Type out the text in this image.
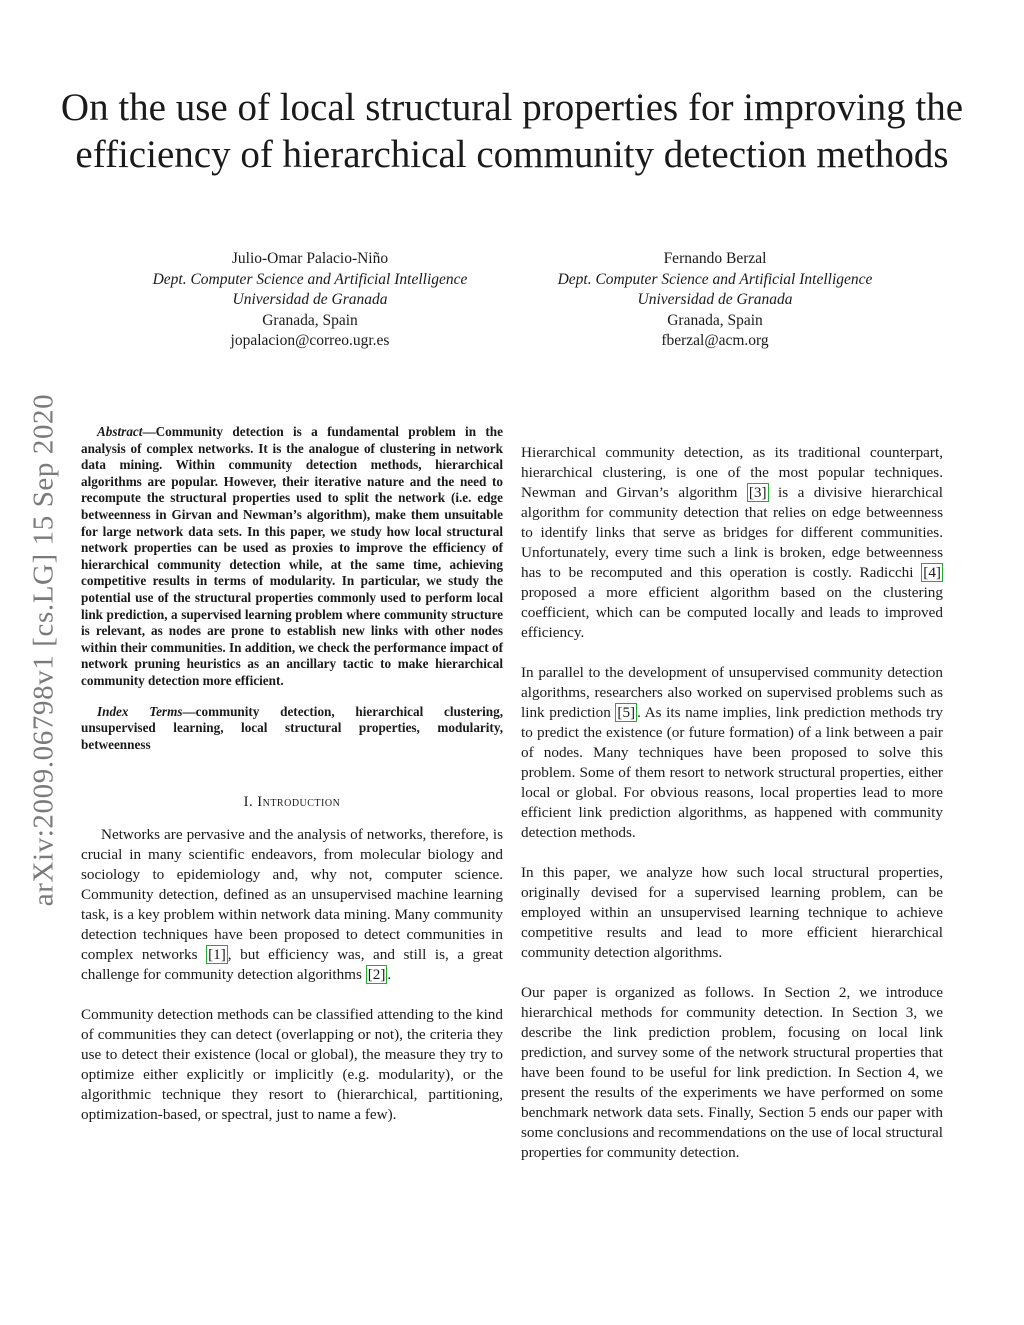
arXiv:2009.06798v1 [cs.LG] 15 Sep 2020
On the use of local structural properties for improving the efficiency of hierarchical community detection methods
Julio-Omar Palacio-Niño
Dept. Computer Science and Artificial Intelligence
Universidad de Granada
Granada, Spain
jopalacion@correo.ugr.es
Fernando Berzal
Dept. Computer Science and Artificial Intelligence
Universidad de Granada
Granada, Spain
fberzal@acm.org

Abstract—Community detection is a fundamental problem in the analysis of complex networks. It is the analogue of clustering in network data mining. Within community detection methods, hierarchical algorithms are popular. However, their iterative nature and the need to recompute the structural properties used to split the network (i.e. edge betweenness in Girvan and Newman’s algorithm), make them unsuitable for large network data sets. In this paper, we study how local structural network properties can be used as proxies to improve the efficiency of hierarchical community detection while, at the same time, achieving competitive results in terms of modularity. In particular, we study the potential use of the structural properties commonly used to perform local link prediction, a supervised learning problem where community structure is relevant, as nodes are prone to establish new links with other nodes within their communities. In addition, we check the performance impact of network pruning heuristics as an ancillary tactic to make hierarchical community detection more efficient.

Index Terms—community detection, hierarchical clustering, unsupervised learning, local structural properties, modularity, betweenness

I. Introduction

Networks are pervasive and the analysis of networks, therefore, is crucial in many scientific endeavors, from molecular biology and sociology to epidemiology and, why not, computer science. Community detection, defined as an unsupervised machine learning task, is a key problem within network data mining. Many community detection techniques have been proposed to detect communities in complex networks [1] , but efficiency was, and still is, a great challenge for community detection algorithms [2] .

Community detection methods can be classified attending to the kind of communities they can detect (overlapping or not), the criteria they use to detect their existence (local or global), the measure they try to optimize either explicitly or implicitly (e.g. modularity), or the algorithmic technique they resort to (hierarchical, partitioning, optimization-based, or spectral, just to name a few).

Hierarchical community detection, as its traditional counterpart, hierarchical clustering, is one of the most popular techniques. Newman and Girvan’s algorithm [3] is a divisive hierarchical algorithm for community detection that relies on edge betweenness to identify links that serve as bridges for different communities. Unfortunately, every time such a link is broken, edge betweenness has to be recomputed and this operation is costly. Radicchi [4] proposed a more efficient algorithm based on the clustering coefficient, which can be computed locally and leads to improved efficiency.

In parallel to the development of unsupervised community detection algorithms, researchers also worked on supervised problems such as link prediction [5] . As its name implies, link prediction methods try to predict the existence (or future formation) of a link between a pair of nodes. Many techniques have been proposed to solve this problem. Some of them resort to network structural properties, either local or global. For obvious reasons, local properties lead to more efficient link prediction algorithms, as happened with community detection methods.

In this paper, we analyze how such local structural properties, originally devised for a supervised learning problem, can be employed within an unsupervised learning technique to achieve competitive results and lead to more efficient hierarchical community detection algorithms.

Our paper is organized as follows. In Section 2, we introduce hierarchical methods for community detection. In Section 3, we describe the link prediction problem, focusing on local link prediction, and survey some of the network structural properties that have been found to be useful for link prediction. In Section 4, we present the results of the experiments we have performed on some benchmark network data sets. Finally, Section 5 ends our paper with some conclusions and recommendations on the use of local structural properties for community detection.
